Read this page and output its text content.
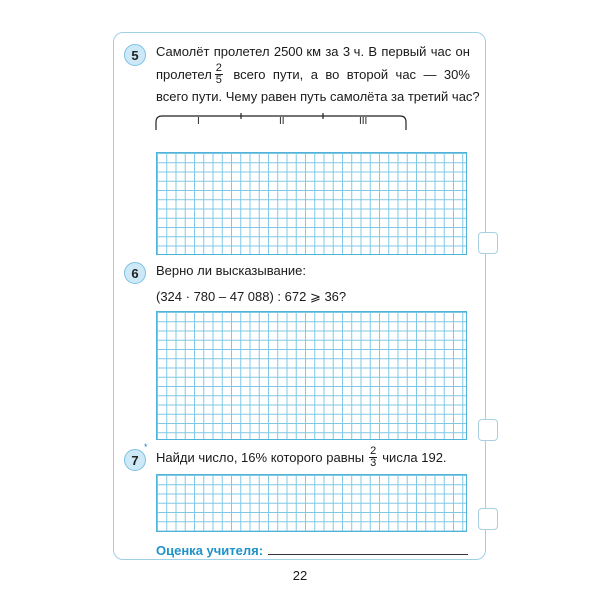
5 Самолёт пролетел 2500 км за 3 ч. В первый час он
пролетел $\frac{2}{5}$ всего пути, а во второй час — 30%
всего пути. Чему равен путь самолёта за третий час?
I	II	III
6 Верно ли высказывание:
(324 · 780 – 47 088) : 672 ⩾ 36?
7
*
Найди число, 16% которого равны $\frac{2}{3}$ числа 192.
Оценка учителя:
22
